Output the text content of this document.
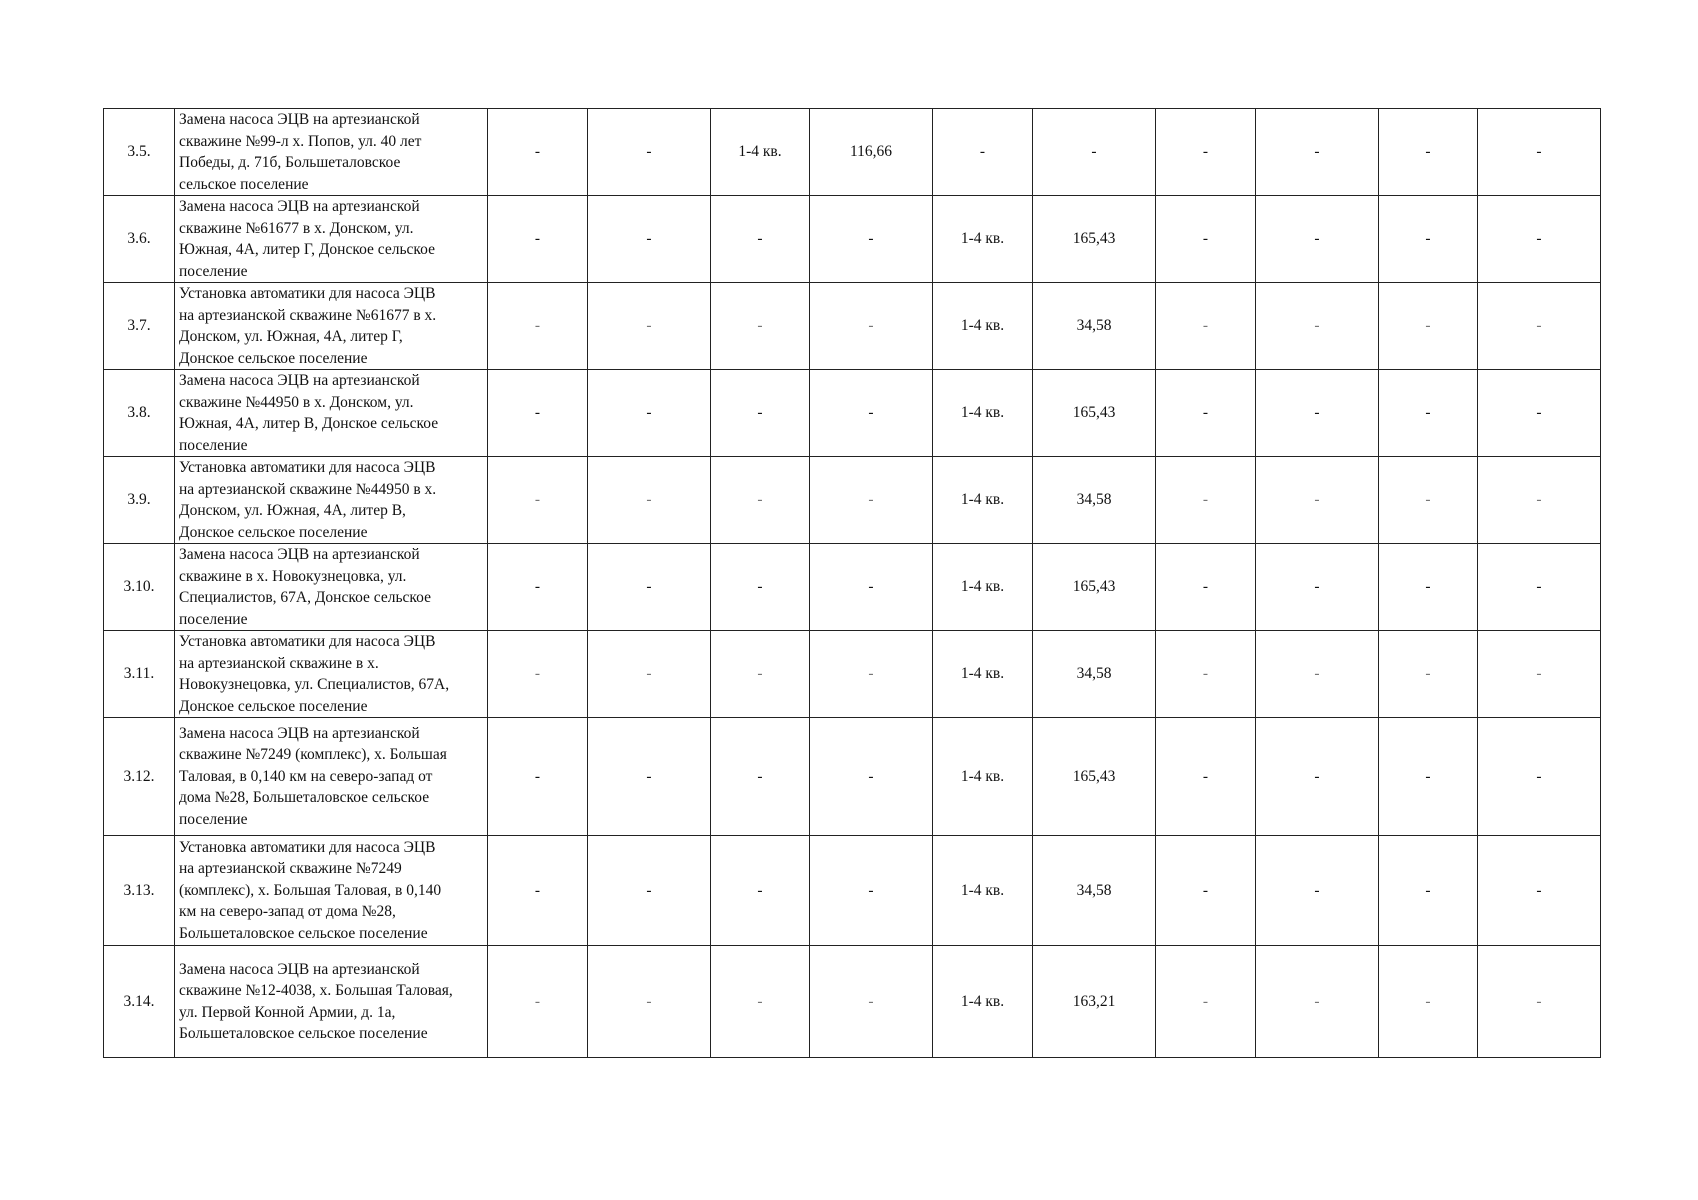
3.5.	Замена насоса ЭЦВ на артезианской
скважине №99-л х. Попов, ул. 40 лет
Победы, д. 71б, Большеталовское
сельское поселение	-	-	1-4 кв.	116,66	-	-	-	-	-	-
3.6.	Замена насоса ЭЦВ на артезианской
скважине №61677 в х. Донском, ул.
Южная, 4А, литер Г, Донское сельское
поселение	-	-	-	-	1-4 кв.	165,43	-	-	-	-
3.7.	Установка автоматики для насоса ЭЦВ
на артезианской скважине №61677 в х.
Донском, ул. Южная, 4А, литер Г,
Донское сельское поселение	-	-	-	-	1-4 кв.	34,58	-	-	-	-
3.8.	Замена насоса ЭЦВ на артезианской
скважине №44950 в х. Донском, ул.
Южная, 4А, литер В, Донское сельское
поселение	-	-	-	-	1-4 кв.	165,43	-	-	-	-
3.9.	Установка автоматики для насоса ЭЦВ
на артезианской скважине №44950 в х.
Донском, ул. Южная, 4А, литер В,
Донское сельское поселение	-	-	-	-	1-4 кв.	34,58	-	-	-	-
3.10.	Замена насоса ЭЦВ на артезианской
скважине в х. Новокузнецовка, ул.
Специалистов, 67А, Донское сельское
поселение	-	-	-	-	1-4 кв.	165,43	-	-	-	-
3.11.	Установка автоматики для насоса ЭЦВ
на артезианской скважине в х.
Новокузнецовка, ул. Специалистов, 67А,
Донское сельское поселение	-	-	-	-	1-4 кв.	34,58	-	-	-	-
3.12.	Замена насоса ЭЦВ на артезианской
скважине №7249 (комплекс), х. Большая
Таловая, в 0,140 км на северо-запад от
дома №28, Большеталовское сельское
поселение	-	-	-	-	1-4 кв.	165,43	-	-	-	-
3.13.	Установка автоматики для насоса ЭЦВ
на артезианской скважине №7249
(комплекс), х. Большая Таловая, в 0,140
км на северо-запад от дома №28,
Большеталовское сельское поселение	-	-	-	-	1-4 кв.	34,58	-	-	-	-
3.14.	Замена насоса ЭЦВ на артезианской
скважине №12-4038, х. Большая Таловая,
ул. Первой Конной Армии, д. 1а,
Большеталовское сельское поселение	-	-	-	-	1-4 кв.	163,21	-	-	-	-
